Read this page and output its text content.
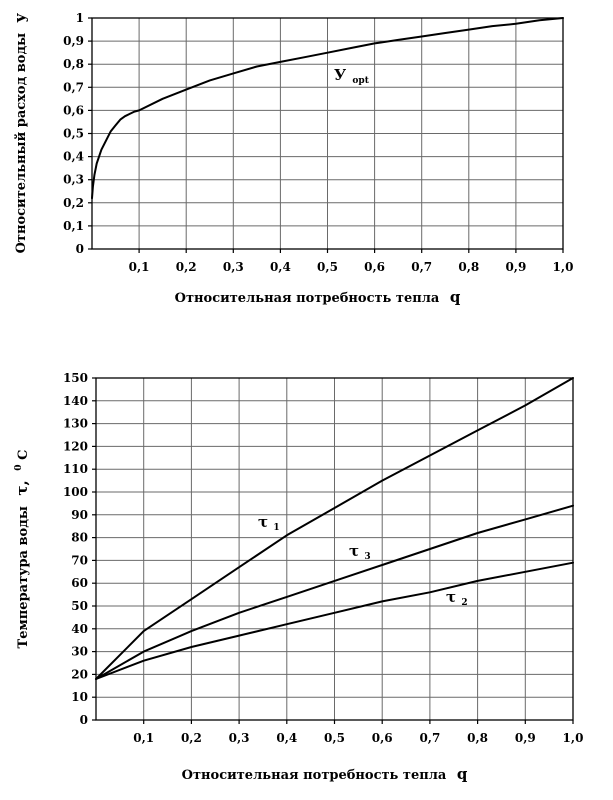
0
0,1
0,2
0,3
0,4
0,5
0,6
0,7
0,8
0,9
1
0,1 0,2 0,3 0,4 0,5 0,6 0,7 0,8 0,9 1,0
Относительная потребность тепла q
Относительный расход воды y
У $_{opt}$
0
10
20
30
40
50
60
70
80
90
100
110
120
130
140
150
0,1 0,2 0,3 0,4 0,5 0,6 0,7 0,8 0,9 1,0
Относительная потребность тепла q
Температура воды τ, $^0$ C
τ $_1$
τ $_3$
τ $_2$
